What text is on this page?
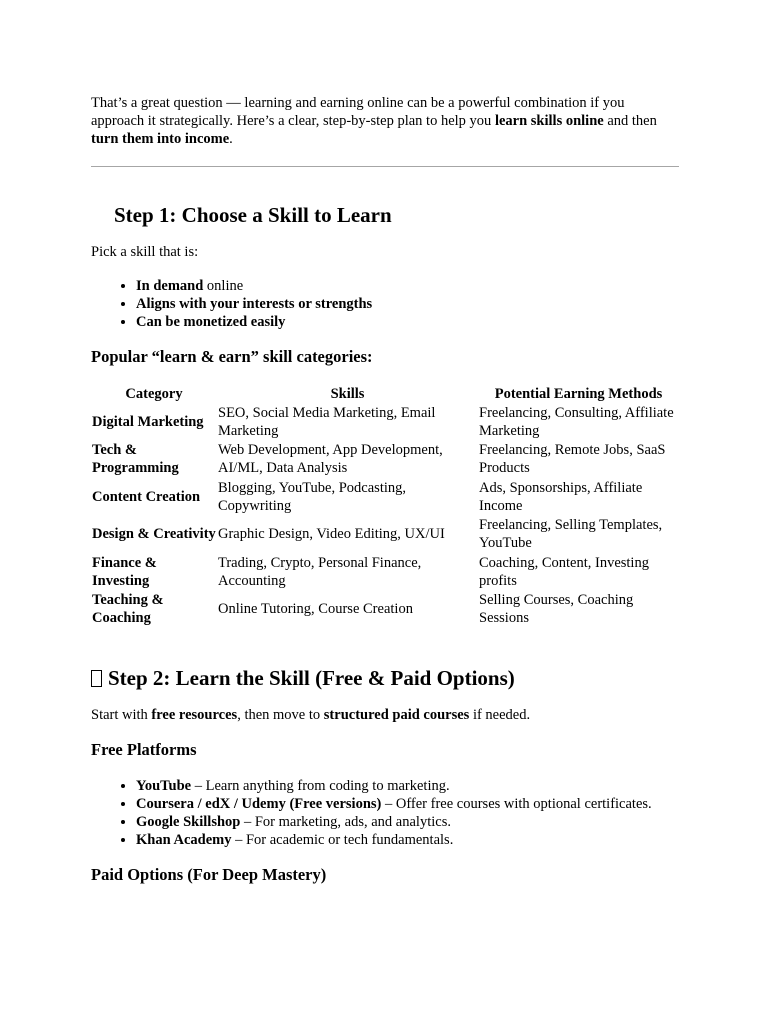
That’s a great question — learning and earning online can be a powerful combination if you approach it strategically. Here’s a clear, step-by-step plan to help you learn skills online and then turn them into income.

Step 1: Choose a Skill to Learn

Pick a skill that is:

• In demand online
• Aligns with your interests or strengths
• Can be monetized easily
Popular “learn & earn” skill categories:
Category	Skills	Potential Earning Methods
Digital Marketing	SEO, Social Media Marketing, Email Marketing	Freelancing, Consulting, Affiliate Marketing
Tech & Programming	Web Development, App Development, AI/ML, Data Analysis	Freelancing, Remote Jobs, SaaS Products
Content Creation	Blogging, YouTube, Podcasting, Copywriting	Ads, Sponsorships, Affiliate Income
Design & Creativity	Graphic Design, Video Editing, UX/UI	Freelancing, Selling Templates, YouTube
Finance & Investing	Trading, Crypto, Personal Finance, Accounting	Coaching, Content, Investing profits
Teaching & Coaching	Online Tutoring, Course Creation	Selling Courses, Coaching Sessions
Step 2: Learn the Skill (Free & Paid Options)

Start with free resources, then move to structured paid courses if needed.

Free Platforms
• YouTube – Learn anything from coding to marketing.
• Coursera / edX / Udemy (Free versions) – Offer free courses with optional certificates.
• Google Skillshop – For marketing, ads, and analytics.
• Khan Academy – For academic or tech fundamentals.
Paid Options (For Deep Mastery)
